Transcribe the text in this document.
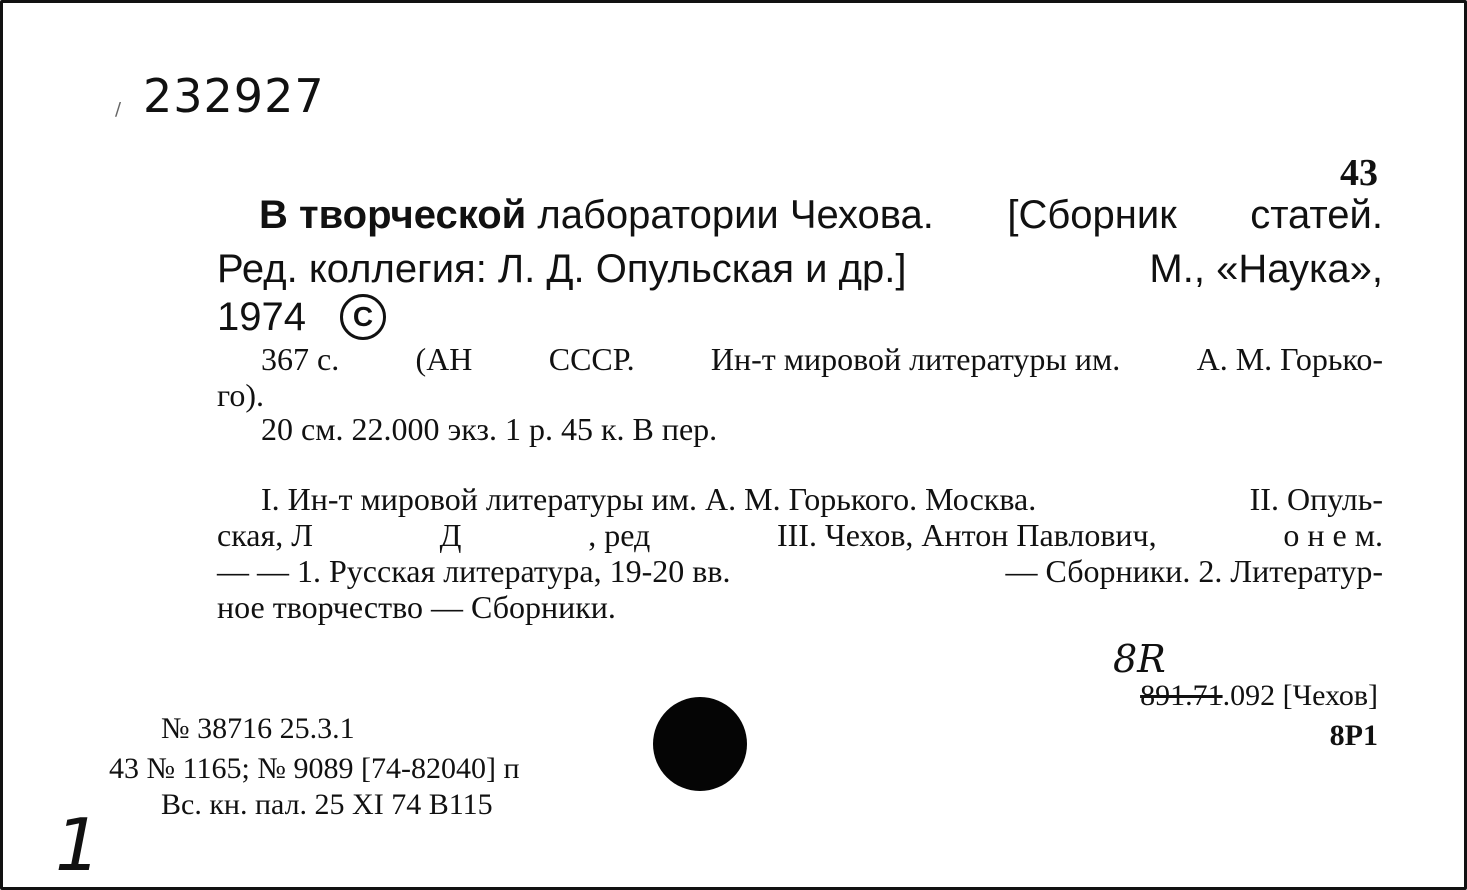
/ 232927
43
В творческой лаборатории Чехова. [Сборник статей.
Ред. коллегия: Л. Д. Опульская и др.]	М., «Наука»,
1974 C
367 с. (АН СССР. Ин-т мировой литературы им. А. М. Горько-
го).
20 см. 22.000 экз. 1 р. 45 к. В пер.
I. Ин-т мировой литературы им. А. М. Горького. Москва.	II. Опуль-
ская, Л	Д	, ред	III. Чехов, Антон Павлович,	о н е м.
— — 1. Русская литература, 19-20 вв.	— Сборники. 2. Литератур-
ное творчество — Сборники.
8R
891.71.092 [Чехов]
8P1
№ 38716 25.3.1
43 № 1165; № 9089 [74-82040] п
Вс. кн. пал. 25 XI 74 В115
1
